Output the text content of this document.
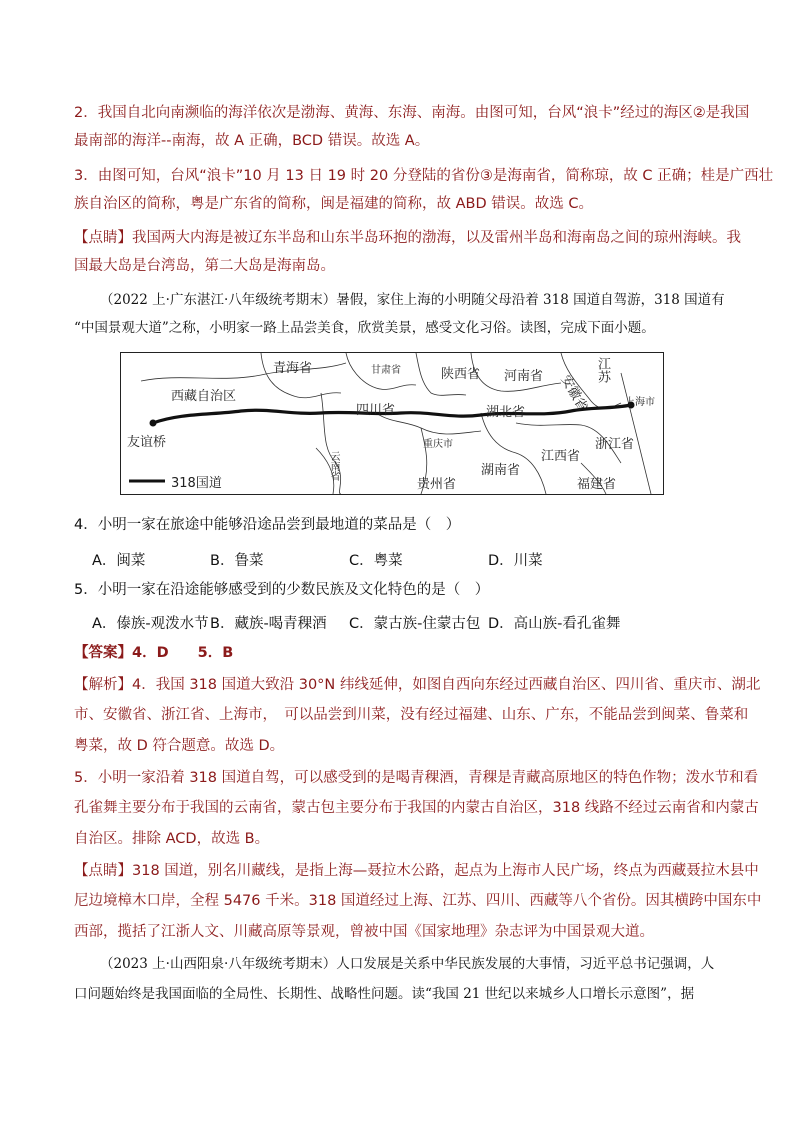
2．我国自北向南濒临的海洋依次是渤海、黄海、东海、南海。由图可知，台风“浪卡”经过的海区②是我国

最南部的海洋--南海，故 A 正确，BCD 错误。故选 A。

3．由图可知，台风“浪卡”10 月 13 日 19 时 20 分登陆的省份③是海南省，简称琼，故 C 正确；桂是广西壮

族自治区的简称，粤是广东省的简称，闽是福建的简称，故 ABD 错误。故选 C。

【点睛】我国两大内海是被辽东半岛和山东半岛环抱的渤海，以及雷州半岛和海南岛之间的琼州海峡。我

国最大岛是台湾岛，第二大岛是海南岛。

（2022 上·广东湛江·八年级统考期末）暑假，家住上海的小明随父母沿着 318 国道自驾游，318 国道有

“中国景观大道”之称，小明家一路上品尝美食，欣赏美景，感受文化习俗。读图，完成下面小题。

青海省	甘肃省	陕西省 河南省	江苏
安徽省
西藏自治区
四川省	湖北省
上海市
友谊桥	重庆市	浙江省
云南省	湖南省
江西省
贵州省	福建省
318国道

4．小明一家在旅途中能够沿途品尝到最地道的菜品是（　）

A．闽菜	B．鲁菜	C．粤菜	D．川菜

5．小明一家在沿途能够感受到的少数民族及文化特色的是（　）

A．傣族-观泼水节 B．藏族-喝青稞酒 C．蒙古族-住蒙古包 D．高山族-看孔雀舞

【答案】4．D　　5．B

【解析】4．我国 318 国道大致沿 30°N 纬线延伸，如图自西向东经过西藏自治区、四川省、重庆市、湖北

市、安徽省、浙江省、上海市，　可以品尝到川菜，没有经过福建、山东、广东，不能品尝到闽菜、鲁菜和

粤菜，故 D 符合题意。故选 D。

5．小明一家沿着 318 国道自驾，可以感受到的是喝青稞酒，青稞是青藏高原地区的特色作物；泼水节和看

孔雀舞主要分布于我国的云南省，蒙古包主要分布于我国的内蒙古自治区，318 线路不经过云南省和内蒙古

自治区。排除 ACD，故选 B。

【点睛】318 国道，别名川藏线，是指上海—聂拉木公路，起点为上海市人民广场，终点为西藏聂拉木县中

尼边境樟木口岸，全程 5476 千米。318 国道经过上海、江苏、四川、西藏等八个省份。因其横跨中国东中

西部，揽括了江浙人文、川藏高原等景观，曾被中国《国家地理》杂志评为中国景观大道。

（2023 上·山西阳泉·八年级统考期末）人口发展是关系中华民族发展的大事情，习近平总书记强调，人

口问题始终是我国面临的全局性、长期性、战略性问题。读“我国 21 世纪以来城乡人口增长示意图”，据
